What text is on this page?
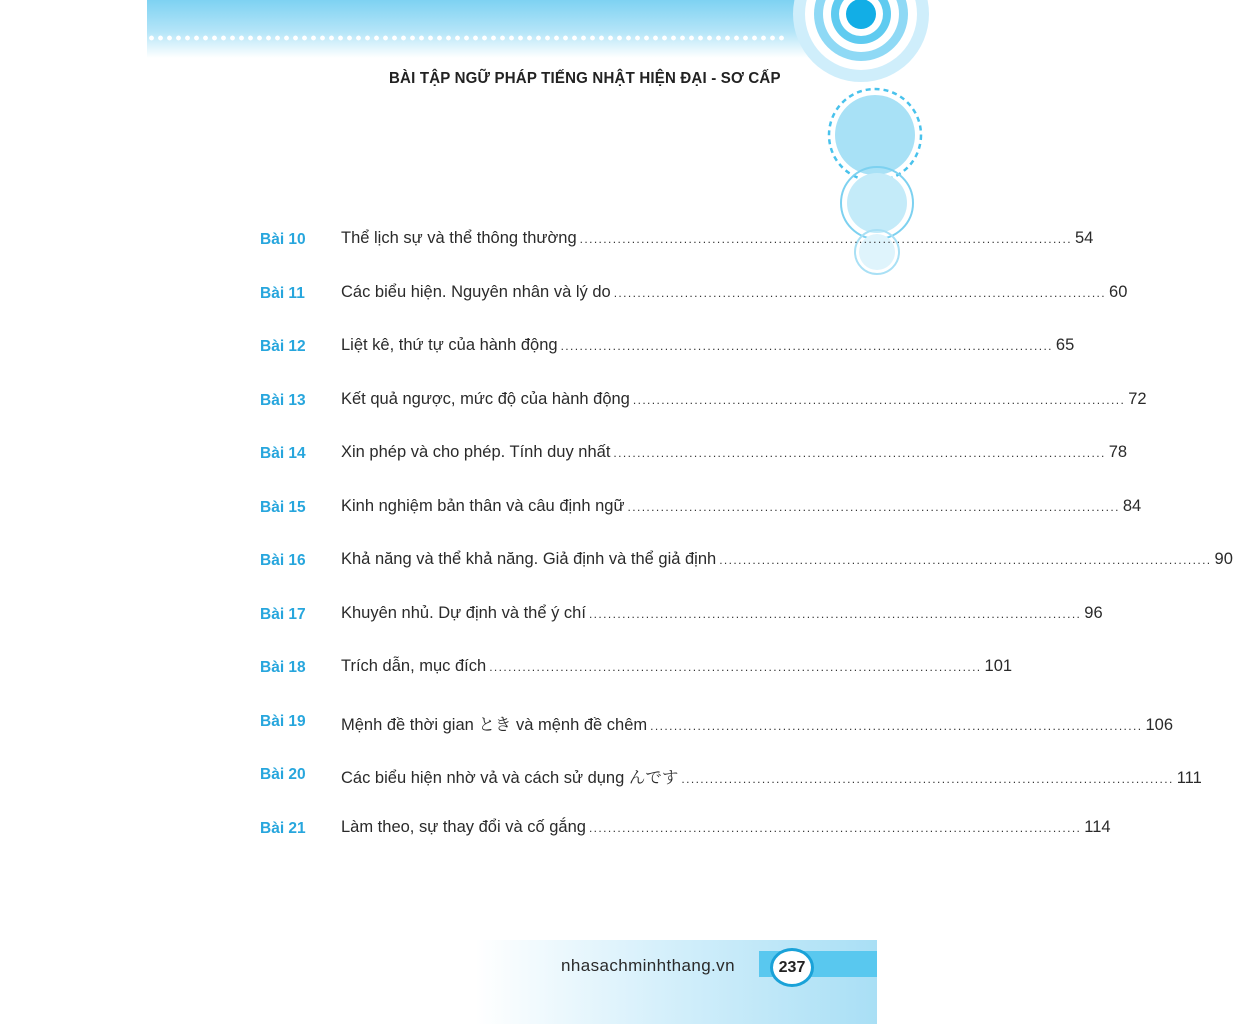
BÀI TẬP NGỮ PHÁP TIẾNG NHẬT HIỆN ĐẠI - SƠ CẤP
Bài 10 Thể lịch sự và thể thông thường ........................................................................................................ 54
Bài 11 Các biểu hiện. Nguyên nhân và lý do ........................................................................................................ 60
Bài 12 Liệt kê, thứ tự của hành động ........................................................................................................ 65
Bài 13 Kết quả ngược, mức độ của hành động ........................................................................................................ 72
Bài 14 Xin phép và cho phép. Tính duy nhất ........................................................................................................ 78
Bài 15 Kinh nghiệm bản thân và câu định ngữ ........................................................................................................ 84
Bài 16 Khả năng và thể khả năng. Giả định và thể giả định ........................................................................................................ 90
Bài 17 Khuyên nhủ. Dự định và thể ý chí ........................................................................................................ 96
Bài 18 Trích dẫn, mục đích ........................................................................................................ 101
Bài 19 Mệnh đề thời gian とき và mệnh đề chêm ........................................................................................................ 106
Bài 20 Các biểu hiện nhờ vả và cách sử dụng んです ........................................................................................................ 111
Bài 21 Làm theo, sự thay đổi và cố gắng ........................................................................................................ 114
nhasachminhthang.vn	237
